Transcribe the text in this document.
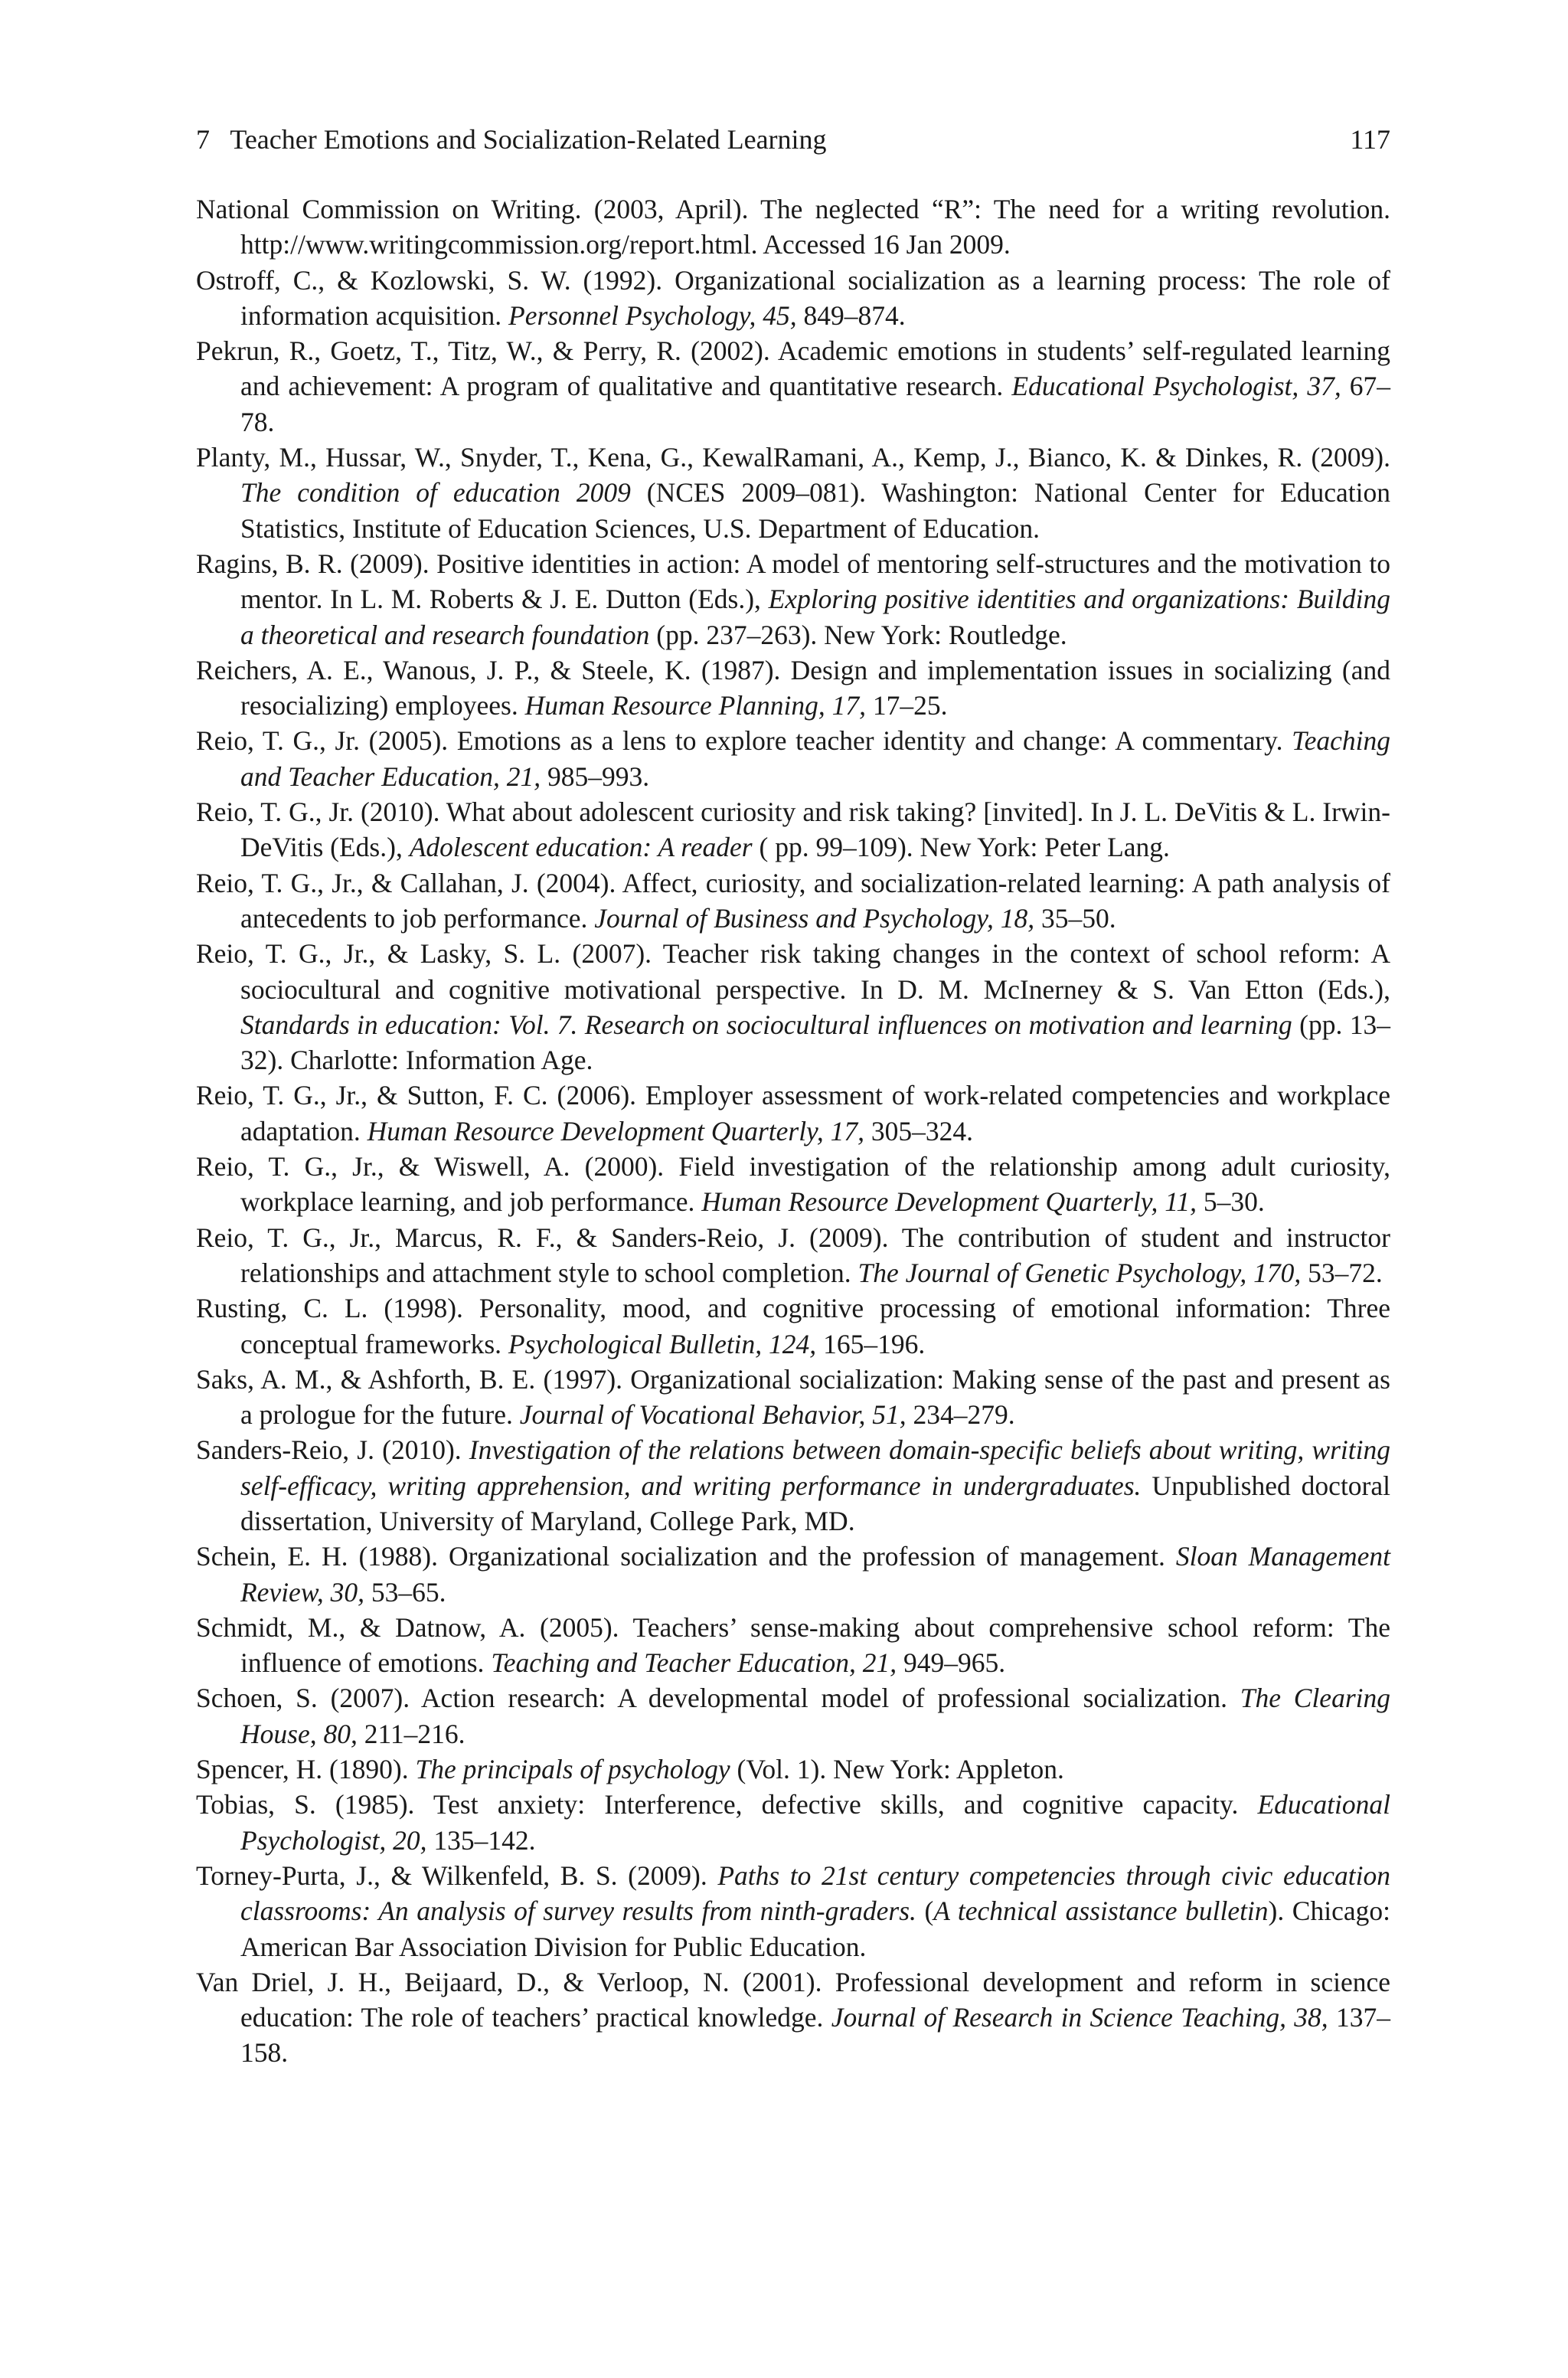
7   Teacher Emotions and Socialization-Related Learning	117

National Commission on Writing. (2003, April). The neglected “R”: The need for a writing revolution. http://www.writingcommission.org/report.html. Accessed 16 Jan 2009.

Ostroff, C., & Kozlowski, S. W. (1992). Organizational socialization as a learning process: The role of information acquisition. Personnel Psychology, 45, 849–874.

Pekrun, R., Goetz, T., Titz, W., & Perry, R. (2002). Academic emotions in students’ self-regulated learning and achievement: A program of qualitative and quantitative research. Educational Psychologist, 37, 67–78.

Planty, M., Hussar, W., Snyder, T., Kena, G., KewalRamani, A., Kemp, J., Bianco, K. & Dinkes, R. (2009). The condition of education 2009 (NCES 2009–081). Washington: National Center for Education Statistics, Institute of Education Sciences, U.S. Department of Education.

Ragins, B. R. (2009). Positive identities in action: A model of mentoring self-structures and the motivation to mentor. In L. M. Roberts & J. E. Dutton (Eds.), Exploring positive identities and organizations: Building a theoretical and research foundation (pp. 237–263). New York: Routledge.

Reichers, A. E., Wanous, J. P., & Steele, K. (1987). Design and implementation issues in socializing (and resocializing) employees. Human Resource Planning, 17, 17–25.

Reio, T. G., Jr. (2005). Emotions as a lens to explore teacher identity and change: A commentary. Teaching and Teacher Education, 21, 985–993.

Reio, T. G., Jr. (2010). What about adolescent curiosity and risk taking? [invited]. In J. L. DeVitis & L. Irwin-DeVitis (Eds.), Adolescent education: A reader ( pp. 99–109). New York: Peter Lang.

Reio, T. G., Jr., & Callahan, J. (2004). Affect, curiosity, and socialization-related learning: A path analysis of antecedents to job performance. Journal of Business and Psychology, 18, 35–50.

Reio, T. G., Jr., & Lasky, S. L. (2007). Teacher risk taking changes in the context of school reform: A sociocultural and cognitive motivational perspective. In D. M. McInerney & S. Van Etton (Eds.), Standards in education: Vol. 7. Research on sociocultural influences on motivation and learning (pp. 13–32). Charlotte: Information Age.

Reio, T. G., Jr., & Sutton, F. C. (2006). Employer assessment of work-related competencies and workplace adaptation. Human Resource Development Quarterly, 17, 305–324.

Reio, T. G., Jr., & Wiswell, A. (2000). Field investigation of the relationship among adult curiosity, workplace learning, and job performance. Human Resource Development Quarterly, 11, 5–30.

Reio, T. G., Jr., Marcus, R. F., & Sanders-Reio, J. (2009). The contribution of student and instructor relationships and attachment style to school completion. The Journal of Genetic Psychology, 170, 53–72.

Rusting, C. L. (1998). Personality, mood, and cognitive processing of emotional information: Three conceptual frameworks. Psychological Bulletin, 124, 165–196.

Saks, A. M., & Ashforth, B. E. (1997). Organizational socialization: Making sense of the past and present as a prologue for the future. Journal of Vocational Behavior, 51, 234–279.

Sanders-Reio, J. (2010). Investigation of the relations between domain-specific beliefs about writing, writing self-efficacy, writing apprehension, and writing performance in undergraduates. Unpublished doctoral dissertation, University of Maryland, College Park, MD.

Schein, E. H. (1988). Organizational socialization and the profession of management. Sloan Management Review, 30, 53–65.

Schmidt, M., & Datnow, A. (2005). Teachers’ sense-making about comprehensive school reform: The influence of emotions. Teaching and Teacher Education, 21, 949–965.

Schoen, S. (2007). Action research: A developmental model of professional socialization. The Clearing House, 80, 211–216.

Spencer, H. (1890). The principals of psychology (Vol. 1). New York: Appleton.

Tobias, S. (1985). Test anxiety: Interference, defective skills, and cognitive capacity. Educational Psychologist, 20, 135–142.

Torney-Purta, J., & Wilkenfeld, B. S. (2009). Paths to 21st century competencies through civic education classrooms: An analysis of survey results from ninth-graders. (A technical assistance bulletin). Chicago: American Bar Association Division for Public Education.

Van Driel, J. H., Beijaard, D., & Verloop, N. (2001). Professional development and reform in science education: The role of teachers’ practical knowledge. Journal of Research in Science Teaching, 38, 137–158.
